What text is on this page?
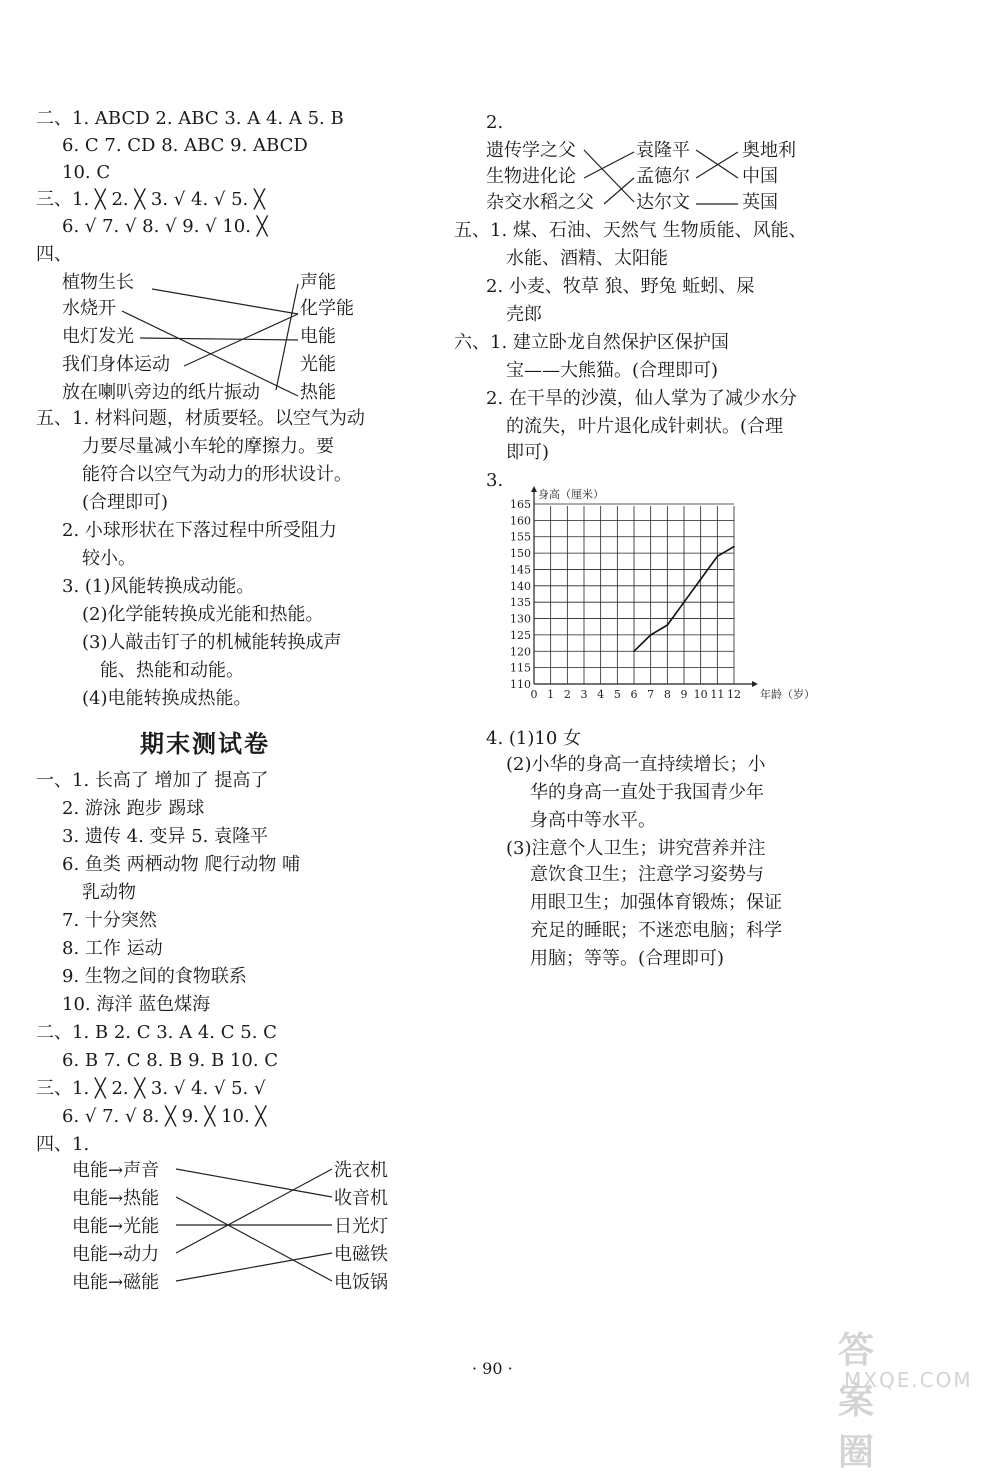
二、1. ABCD 2. ABC 3. A 4. A 5. B
6. C 7. CD 8. ABC 9. ABCD
10. C
三、1. ╳ 2. ╳ 3. √ 4. √ 5. ╳
6. √ 7. √ 8. √ 9. √ 10. ╳
四、
植物生长
水烧开
电灯发光
我们身体运动
放在喇叭旁边的纸片振动
声能
化学能
电能
光能
热能
五、1. 材料问题，材质要轻。以空气为动
力要尽量减小车轮的摩擦力。要
能符合以空气为动力的形状设计。
(合理即可)
2. 小球形状在下落过程中所受阻力
较小。
3. (1)风能转换成动能。
(2)化学能转换成光能和热能。
(3)人敲击钉子的机械能转换成声
能、热能和动能。
(4)电能转换成热能。
期末测试卷
一、1. 长高了 增加了 提高了
2. 游泳 跑步 踢球
3. 遗传 4. 变异 5. 袁隆平
6. 鱼类 两栖动物 爬行动物 哺
乳动物
7. 十分突然
8. 工作 运动
9. 生物之间的食物联系
10. 海洋 蓝色煤海
二、1. B 2. C 3. A 4. C 5. C
6. B 7. C 8. B 9. B 10. C
三、1. ╳ 2. ╳ 3. √ 4. √ 5. √
6. √ 7. √ 8. ╳ 9. ╳ 10. ╳
四、1.
电能→声音
电能→热能
电能→光能
电能→动力
电能→磁能
洗衣机
收音机
日光灯
电磁铁
电饭锅
2.
遗传学之父
生物进化论
杂交水稻之父
袁隆平
孟德尔
达尔文
奥地利
中国
英国
五、1. 煤、石油、天然气 生物质能、风能、
水能、酒精、太阳能
2. 小麦、牧草 狼、野兔 蚯蚓、屎
壳郎
六、1. 建立卧龙自然保护区保护国
宝——大熊猫。(合理即可)
2. 在干旱的沙漠，仙人掌为了减少水分
的流失，叶片退化成针刺状。(合理
即可)
3.
110
115
120
125
130
135
140
145
150
155
160
165
0 1 2 3 4 5 6 7 8 9 10 11 12
身高（厘米）
年龄（岁）
4. (1)10 女
(2)小华的身高一直持续增长；小
华的身高一直处于我国青少年
身高中等水平。
(3)注意个人卫生；讲究营养并注
意饮食卫生；注意学习姿势与
用眼卫生；加强体育锻炼；保证
充足的睡眠；不迷恋电脑；科学
用脑；等等。(合理即可)
· 90 ·	答案圈
MXQE.COM
